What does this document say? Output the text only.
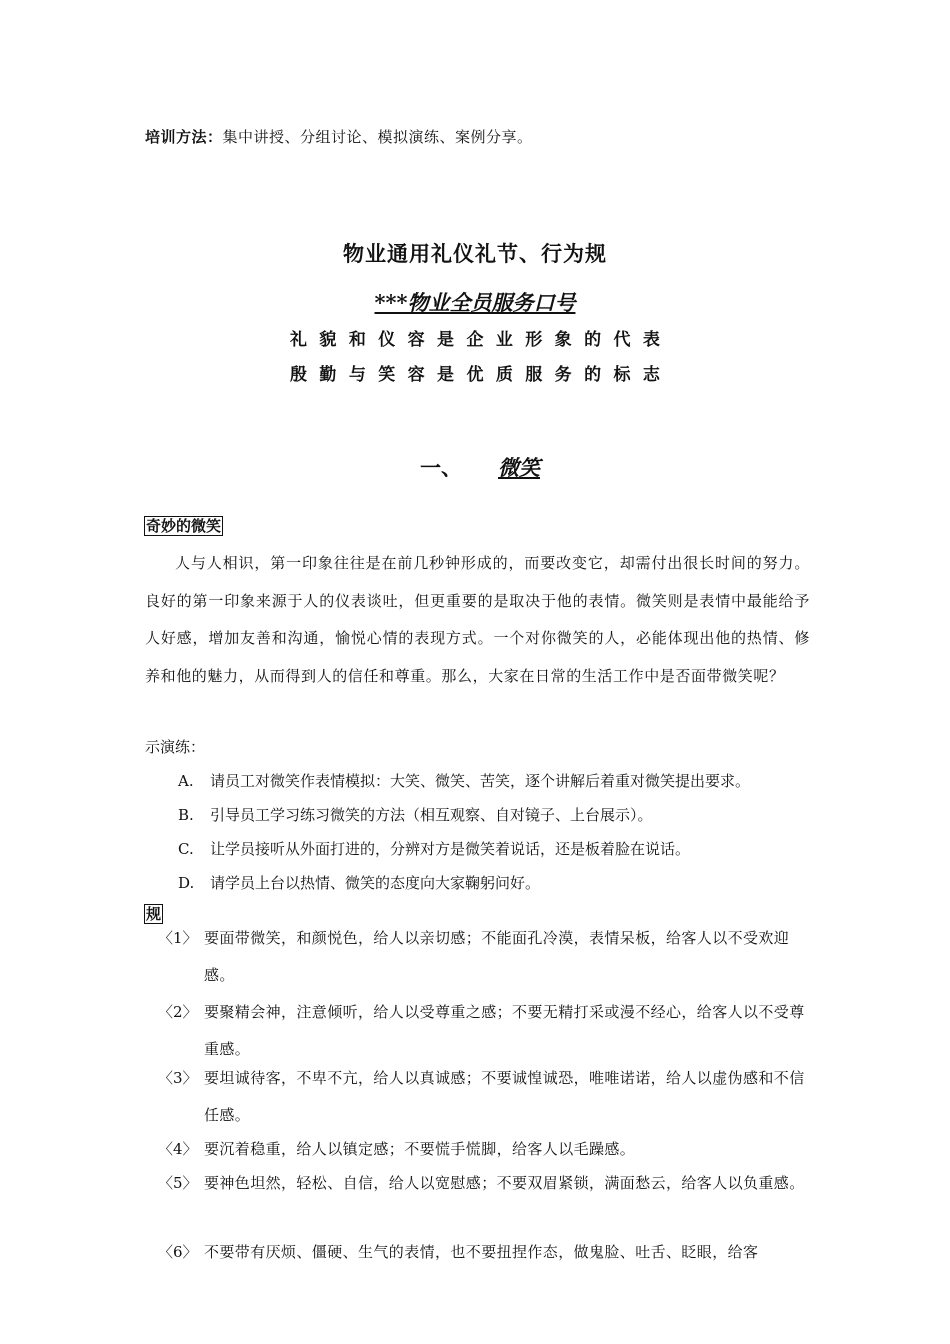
培训方法：集中讲授、分组讨论、模拟演练、案例分享。
物业通用礼仪礼节、行为规
***物业全员服务口号
礼 貌 和 仪 容 是 企 业 形 象 的 代 表
殷 勤 与 笑 容 是 优 质 服 务 的 标 志
一、 微笑
奇妙的微笑
人与人相识，第一印象往往是在前几秒钟形成的，而要改变它，却需付出很长时间的努力。良好的第一印象来源于人的仪表谈吐，但更重要的是取决于他的表情。微笑则是表情中最能给予人好感，增加友善和沟通，愉悦心情的表现方式。一个对你微笑的人，必能体现出他的热情、修养和他的魅力，从而得到人的信任和尊重。那么，大家在日常的生活工作中是否面带微笑呢？
示演练：
A. 请员工对微笑作表情模拟：大笑、微笑、苦笑，逐个讲解后着重对微笑提出要求。
B. 引导员工学习练习微笑的方法（相互观察、自对镜子、上台展示）。
C. 让学员接听从外面打进的，分辨对方是微笑着说话，还是板着脸在说话。
D. 请学员上台以热情、微笑的态度向大家鞠躬问好。
规
〈1〉 要面带微笑，和颜悦色，给人以亲切感；不能面孔冷漠，表情呆板，给客人以不受欢迎感。
〈2〉 要聚精会神，注意倾听，给人以受尊重之感；不要无精打采或漫不经心，给客人以不受尊重感。
〈3〉 要坦诚待客，不卑不亢，给人以真诚感；不要诚惶诚恐，唯唯诺诺，给人以虚伪感和不信任感。
〈4〉 要沉着稳重，给人以镇定感；不要慌手慌脚，给客人以毛躁感。
〈5〉 要神色坦然，轻松、自信，给人以宽慰感；不要双眉紧锁，满面愁云，给客人以负重感。
〈6〉 不要带有厌烦、僵硬、生气的表情，也不要扭捏作态，做鬼脸、吐舌、眨眼，给客
